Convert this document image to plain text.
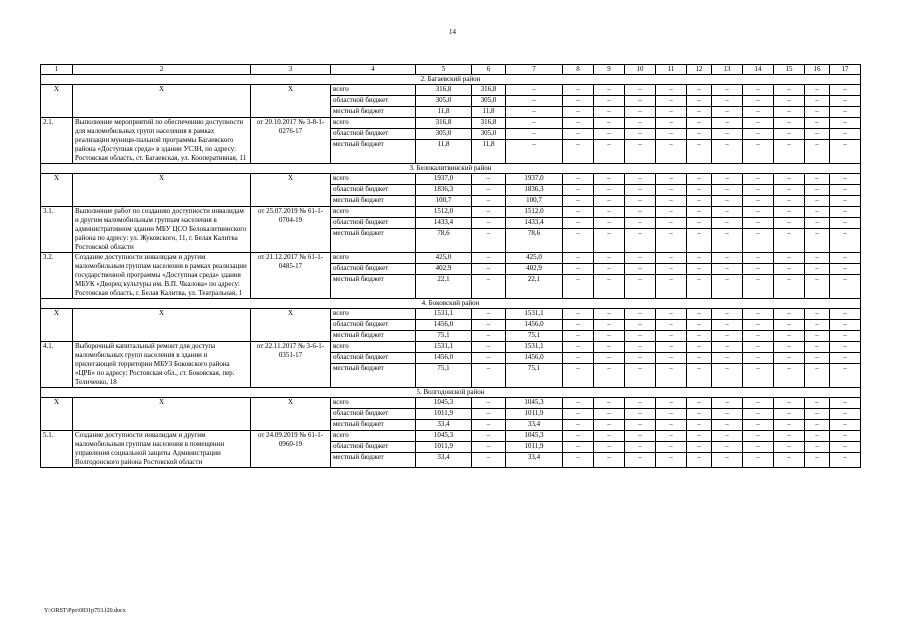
14
1	2	3	4	5	6	7	8	9	10	11	12	13	14	15	16	17
2. Багаевский район																
Х	Х	Х	всего	316,8	316,8	–	–	–	–	–	–	–	–	–	–	–
			областной бюджет	305,0	305,0	–	–	–	–	–	–	–	–	–	–	–
			местный бюджет	11,8	11,8	–	–	–	–	–	–	–	–	–	–	–
2.1.	Выполнение мероприятий по обеспечению доступности для маломобильных групп населения в рамках реализации муници-пальной программы Багаевского района «Доступная среда» в здании УСЗН, по адресу: Ростовская область, ст. Багаевская, ул. Кооперативная, 11	от 20.10.2017 № 3-8-1-0276-17	всего	316,8	316,8	–	–	–	–	–	–	–	–	–	–	–
			областной бюджет	305,0	305,0	–	–	–	–	–	–	–	–	–	–	–
			местный бюджет	11,8	11,8	–	–	–	–	–	–	–	–	–	–	–
3. Белокалитвинский район																
Х	Х	Х	всего	1937,0	–	1937,0	–	–	–	–	–	–	–	–	–	–
			областной бюджет	1836,3	–	1836,3	–	–	–	–	–	–	–	–	–	–
			местный бюджет	100,7	–	100,7	–	–	–	–	–	–	–	–	–	–
3.1.	Выполнение работ по созданию доступности инвалидам и другим маломобильным группам населения в административном здании МБУ ЦСО Белокалитвинского района по адресу: ул. Жуковского, 11, г. Белая Калитва Ростовской области	от 25.07.2019 № 61-1-0704-19	всего	1512,0	–	1512,0	–	–	–	–	–	–	–	–	–	–
			областной бюджет	1433,4	–	1433,4	–	–	–	–	–	–	–	–	–	–
			местный бюджет	78,6	–	78,6	–	–	–	–	–	–	–	–	–	–
3.2.	Создание доступности инвалидам и другим маломобильным группам населения в рамках реализации государственной программы «Доступная среда» здания МБУК «Дворец культуры им. В.П. Чкалова» по адресу: Ростовская область, г. Белая Калитва, ул. Театральная, 1	от 21.12.2017 № 61-1-0485-17	всего	425,0	–	425,0	–	–	–	–	–	–	–	–	–	–
			областной бюджет	402,9	–	402,9	–	–	–	–	–	–	–	–	–	–
			местный бюджет	22,1	–	22,1	–	–	–	–	–	–	–	–	–	–
4. Боковский район																
Х	Х	Х	всего	1531,1	–	1531,1	–	–	–	–	–	–	–	–	–	–
			областной бюджет	1456,0	–	1456,0	–	–	–	–	–	–	–	–	–	–
			местный бюджет	75,1	–	75,1	–	–	–	–	–	–	–	–	–	–
4.1.	Выборочный капитальный ремонт для доступа маломобильных групп населения в здании и прилегающей территории МБУЗ Боковского района «ЦРБ» по адресу: Ростовская обл., ст. Боковская, пер. Теличенко, 18	от 22.11.2017 № 3-6-1-0351-17	всего	1531,1	–	1531,1	–	–	–	–	–	–	–	–	–	–
			областной бюджет	1456,0	–	1456,0	–	–	–	–	–	–	–	–	–	–
			местный бюджет	75,1	–	75,1	–	–	–	–	–	–	–	–	–	–
5. Волгодонской район																
Х	Х	Х	всего	1045,3	–	1045,3	–	–	–	–	–	–	–	–	–	–
			областной бюджет	1011,9	–	1011,9	–	–	–	–	–	–	–	–	–	–
			местный бюджет	33,4	–	33,4	–	–	–	–	–	–	–	–	–	–
5.1.	Создание доступности инвалидам и другим маломобильным группам населения в помещении управления социальной защиты Администрации Волгодонского района Ростовской области	от 24.09.2019 № 61-1-0960-19	всего	1045,3	–	1045,3	–	–	–	–	–	–	–	–	–	–
			областной бюджет	1011,9	–	1011,9	–	–	–	–	–	–	–	–	–	–
			местный бюджет	33,4	–	33,4	–	–	–	–	–	–	–	–	–	–
Y:\ORST\Ppo\0831p753.f20.docx
